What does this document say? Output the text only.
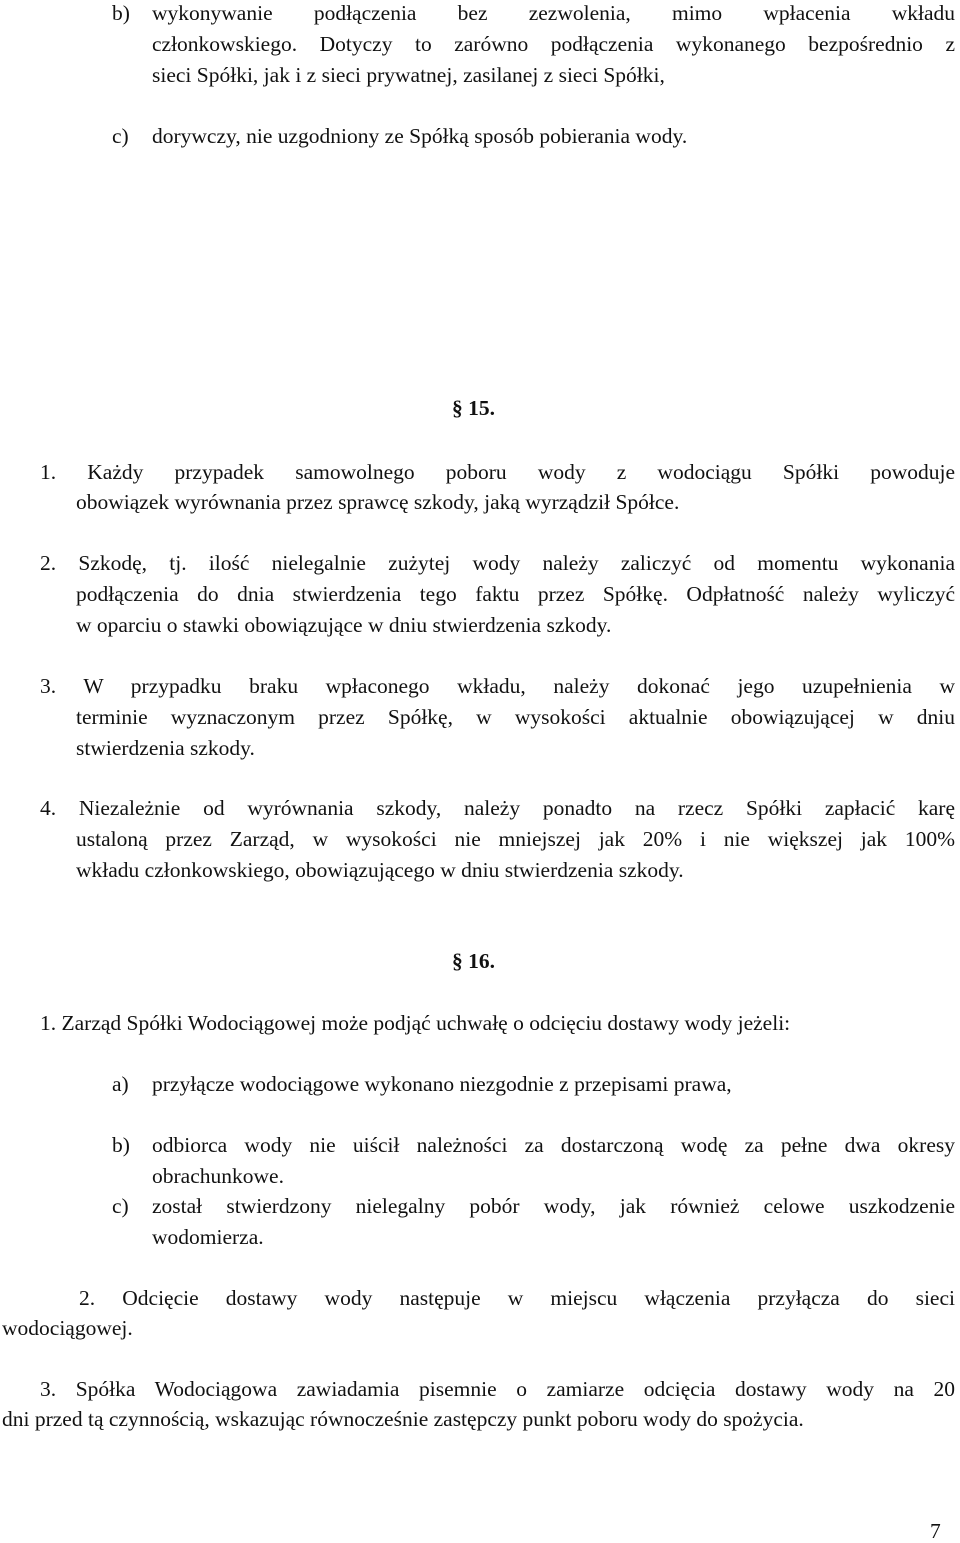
b) wykonywanie podłączenia bez zezwolenia, mimo wpłacenia wkładu
członkowskiego. Dotyczy to zarówno podłączenia wykonanego bezpośrednio z
sieci Spółki, jak i z sieci prywatnej, zasilanej z sieci Spółki,
c) dorywczy, nie uzgodniony ze Spółką sposób pobierania wody.
§ 15.
1. Każdy przypadek samowolnego poboru wody z wodociągu Spółki powoduje
obowiązek wyrównania przez sprawcę szkody, jaką wyrządził Spółce.
2. Szkodę, tj. ilość nielegalnie zużytej wody należy zaliczyć od momentu wykonania
podłączenia do dnia stwierdzenia tego faktu przez Spółkę. Odpłatność należy wyliczyć
w oparciu o stawki obowiązujące w dniu stwierdzenia szkody.
3. W przypadku braku wpłaconego wkładu, należy dokonać jego uzupełnienia w
terminie wyznaczonym przez Spółkę, w wysokości aktualnie obowiązującej w dniu
stwierdzenia szkody.
4. Niezależnie od wyrównania szkody, należy ponadto na rzecz Spółki zapłacić karę
ustaloną przez Zarząd, w wysokości nie mniejszej jak 20% i nie większej jak 100%
wkładu członkowskiego, obowiązującego w dniu stwierdzenia szkody.
§ 16.
1. Zarząd Spółki Wodociągowej może podjąć uchwałę o odcięciu dostawy wody jeżeli:
a) przyłącze wodociągowe wykonano niezgodnie z przepisami prawa,
b) odbiorca wody nie uiścił należności za dostarczoną wodę za pełne dwa okresy
obrachunkowe.
c) został stwierdzony nielegalny pobór wody, jak również celowe uszkodzenie
wodomierza.
2. Odcięcie dostawy wody następuje w miejscu włączenia przyłącza do sieci
wodociągowej.
3. Spółka Wodociągowa zawiadamia pisemnie o zamiarze odcięcia dostawy wody na 20
dni przed tą czynnością, wskazując równocześnie zastępczy punkt poboru wody do spożycia.
7
